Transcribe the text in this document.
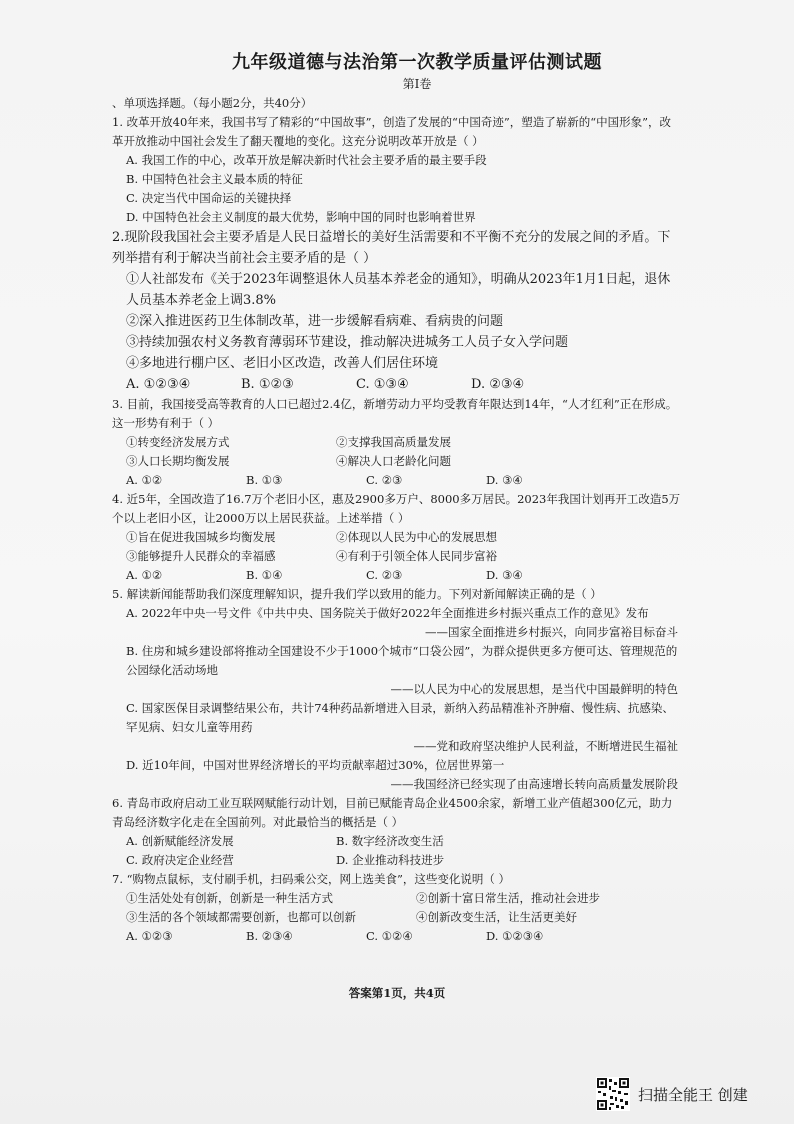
九年级道德与法治第一次教学质量评估测试题
第Ⅰ卷
、单项选择题。（每小题2分，共40分）
1. 改革开放40年来，我国书写了精彩的“中国故事”，创造了发展的“中国奇迹”，塑造了崭新的“中国形象”，改革开放推动中国社会发生了翻天覆地的变化。这充分说明改革开放是（ ）
A. 我国工作的中心，改革开放是解决新时代社会主要矛盾的最主要手段
B. 中国特色社会主义最本质的特征
C. 决定当代中国命运的关键抉择
D. 中国特色社会主义制度的最大优势，影响中国的同时也影响着世界
2.现阶段我国社会主要矛盾是人民日益增长的美好生活需要和不平衡不充分的发展之间的矛盾。下列举措有利于解决当前社会主要矛盾的是（ ）
①人社部发布《关于2023年调整退休人员基本养老金的通知》，明确从2023年1月1日起，退休人员基本养老金上调3.8%
②深入推进医药卫生体制改革，进一步缓解看病难、看病贵的问题
③持续加强农村义务教育薄弱环节建设，推动解决进城务工人员子女入学问题
④多地进行棚户区、老旧小区改造，改善人们居住环境
A. ①②③④	B. ①②③	C. ①③④	D. ②③④
3. 目前，我国接受高等教育的人口已超过2.4亿，新增劳动力平均受教育年限达到14年，“人才红利”正在形成。这一形势有利于（ ）
①转变经济发展方式	②支撑我国高质量发展
③人口长期均衡发展	④解决人口老龄化问题
A. ①②	B. ①③	C. ②③	D. ③④
4. 近5年，全国改造了16.7万个老旧小区，惠及2900多万户、8000多万居民。2023年我国计划再开工改造5万个以上老旧小区，让2000万以上居民获益。上述举措（ ）
①旨在促进我国城乡均衡发展	②体现以人民为中心的发展思想
③能够提升人民群众的幸福感	④有利于引领全体人民同步富裕
A. ①②	B. ①④	C. ②③	D. ③④
5. 解读新闻能帮助我们深度理解知识，提升我们学以致用的能力。下列对新闻解读正确的是（ ）
A. 2022年中央一号文件《中共中央、国务院关于做好2022年全面推进乡村振兴重点工作的意见》发布
——国家全面推进乡村振兴，向同步富裕目标奋斗
B. 住房和城乡建设部将推动全国建设不少于1000个城市“口袋公园”，为群众提供更多方便可达、管理规范的公园绿化活动场地
——以人民为中心的发展思想，是当代中国最鲜明的特色
C. 国家医保目录调整结果公布，共计74种药品新增进入目录，新纳入药品精准补齐肿瘤、慢性病、抗感染、罕见病、妇女儿童等用药
——党和政府坚决维护人民利益，不断增进民生福祉
D. 近10年间，中国对世界经济增长的平均贡献率超过30%，位居世界第一
——我国经济已经实现了由高速增长转向高质量发展阶段
6. 青岛市政府启动工业互联网赋能行动计划，目前已赋能青岛企业4500余家，新增工业产值超300亿元，助力青岛经济数字化走在全国前列。对此最恰当的概括是（ ）
A. 创新赋能经济发展	B. 数字经济改变生活
C. 政府决定企业经营	D. 企业推动科技进步
7. “购物点鼠标，支付刷手机，扫码乘公交，网上选美食”，这些变化说明（ ）
①生活处处有创新，创新是一种生活方式	②创新十富日常生活，推动社会进步
③生活的各个领域都需要创新，也都可以创新	④创新改变生活，让生活更美好
A. ①②③	B. ②③④	C. ①②④	D. ①②③④
答案第1页，共4页
扫描全能王 创建
